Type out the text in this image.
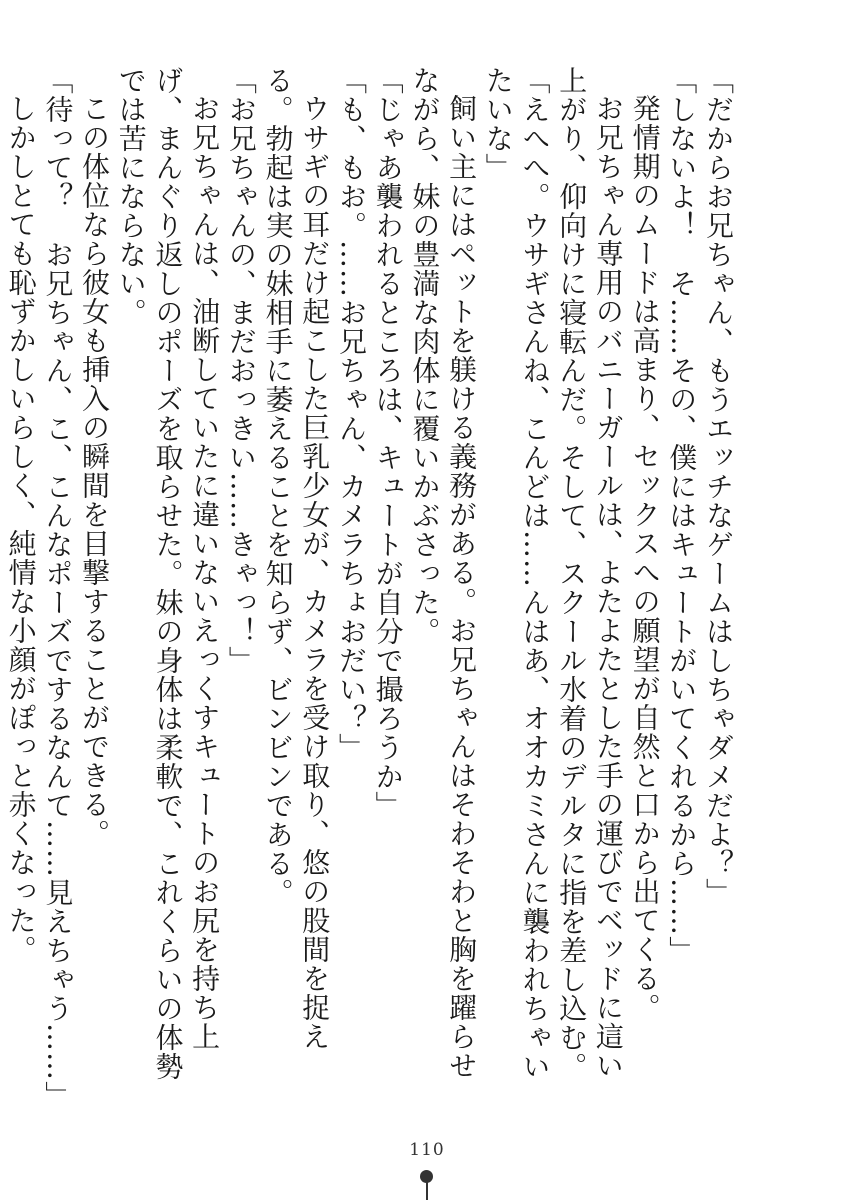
「だからお兄ちゃん、もうエッチなゲームはしちゃダメだよ？」

「しないよ！　そ……その、僕にはキュートがいてくれるから……」

発情期のムードは高まり、セックスへの願望が自然と口から出てくる。

お兄ちゃん専用のバニーガールは、よたよたとした手の運びでベッドに這い上がり、仰向けに寝転んだ。そして、スクール水着のデルタに指を差し込む。

「えへへ。ウサギさんね、こんどは……んはあ、オオカミさんに襲われちゃいたいな」

飼い主にはペットを躾ける義務がある。お兄ちゃんはそわそわと胸を躍らせながら、妹の豊満な肉体に覆いかぶさった。

「じゃあ襲われるところは、キュートが自分で撮ろうか」

「も、もお。……お兄ちゃん、カメラちょおだい？」

ウサギの耳だけ起こした巨乳少女が、カメラを受け取り、悠の股間を捉える。勃起は実の妹相手に萎えることを知らず、ビンビンである。

「お兄ちゃんの、まだおっきい……きゃっ！」

お兄ちゃんは、油断していたに違いないえっくすキュートのお尻を持ち上げ、まんぐり返しのポーズを取らせた。妹の身体は柔軟で、これくらいの体勢では苦にならない。

この体位なら彼女も挿入の瞬間を目撃することができる。

「待って？　お兄ちゃん、こ、こんなポーズでするなんて……見えちゃう……」

しかしとても恥ずかしいらしく、純情な小顔がぽっと赤くなった。

110
